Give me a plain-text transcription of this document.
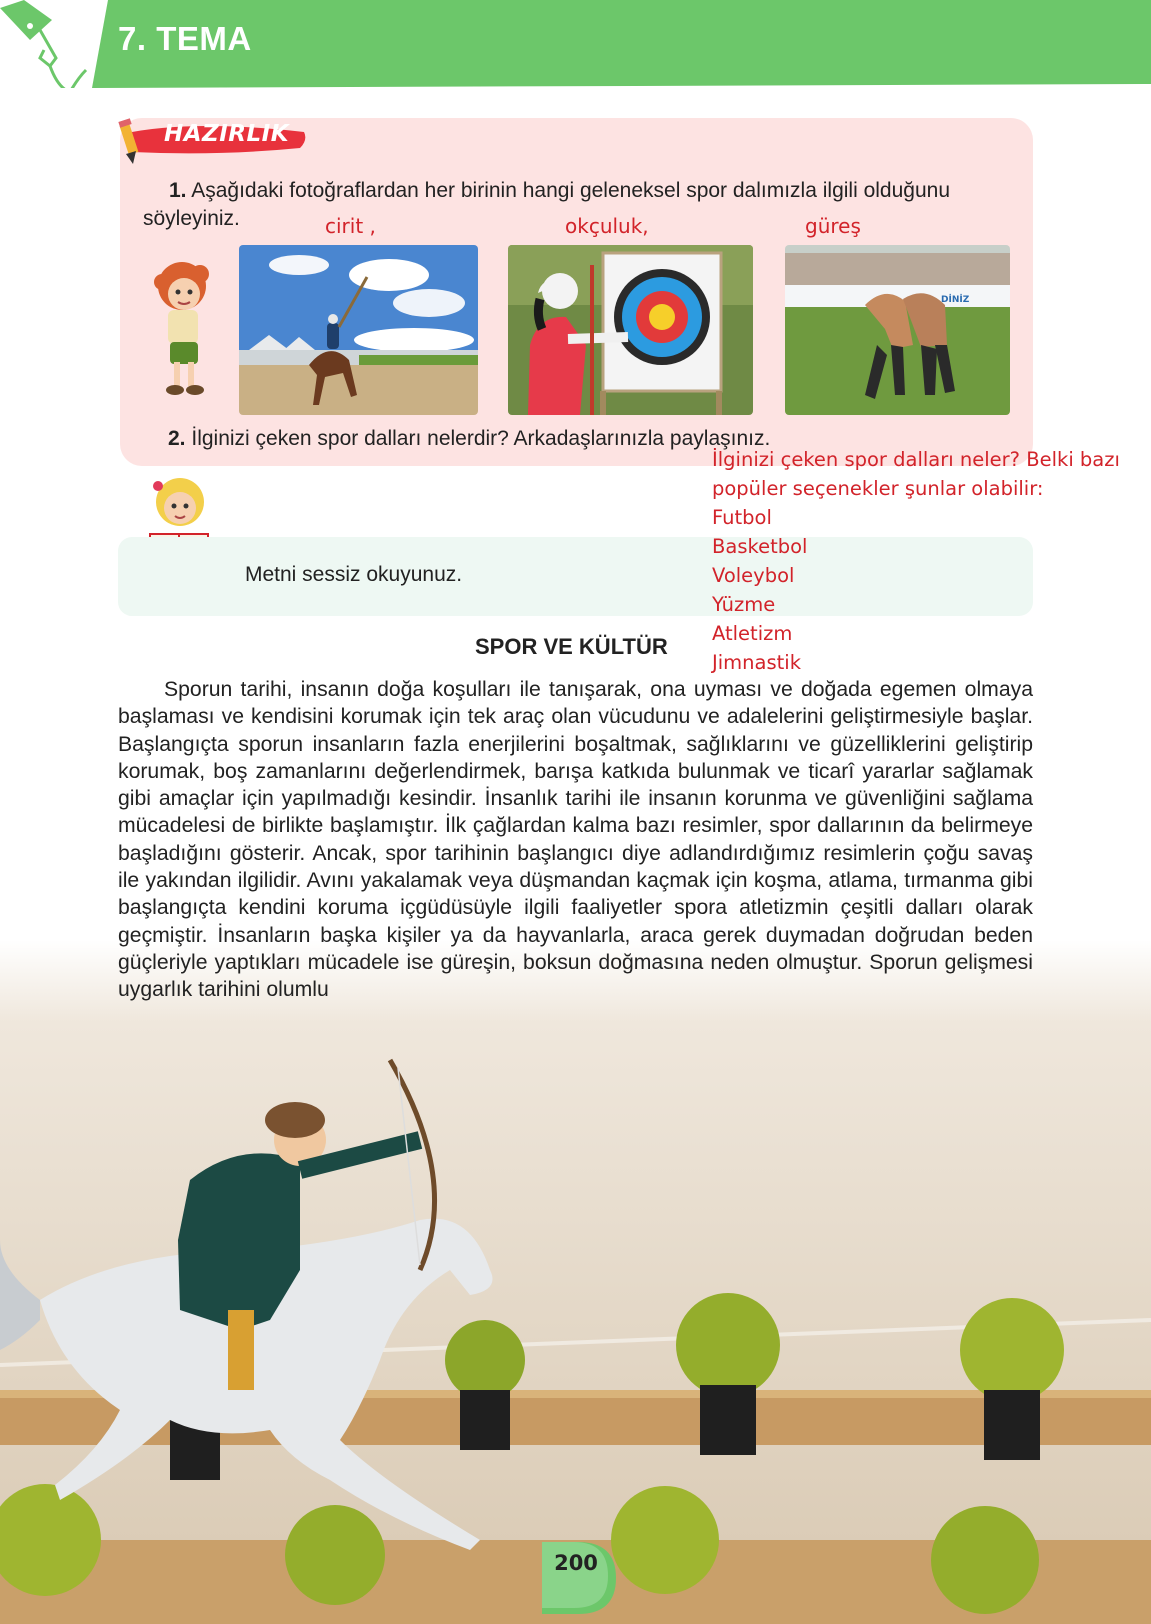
7. TEMA
HAZIRLIK
1. Aşağıdaki fotoğraflardan her birinin hangi geleneksel spor dalımızla ilgili olduğunu söyleyiniz.	cirit ,	okçuluk,	güreş
DİNİZ
2. İlginizi çeken spor dalları nelerdir? Arkadaşlarınızla paylaşınız.
Metni sessiz okuyunuz.
İlginizi çeken spor dalları neler? Belki bazı
popüler seçenekler şunlar olabilir:
Futbol
Basketbol
Voleybol
Yüzme
Atletizm
Jimnastik
SPOR VE KÜLTÜR
Sporun tarihi, insanın doğa koşulları ile tanışarak, ona uyması ve doğada egemen olmaya başlaması ve kendisini korumak için tek araç olan vücudunu ve adalelerini geliştirmesiyle başlar. Başlangıçta sporun insanların fazla enerjilerini boşaltmak, sağlıklarını ve güzelliklerini geliştirip korumak, boş zamanlarını değerlendirmek, barışa katkıda bulunmak ve ticarî yararlar sağlamak gibi amaçlar için yapılmadığı kesindir. İnsanlık tarihi ile insanın korunma ve güvenliğini sağlama mücadelesi de birlikte başlamıştır. İlk çağlardan kalma bazı resimler, spor dallarının da belirmeye başladığını gösterir. Ancak, spor tarihinin başlangıcı diye adlandırdığımız resimlerin çoğu savaş ile yakından ilgilidir. Avını yakalamak veya düşmandan kaçmak için koşma, atlama, tırmanma gibi başlangıçta kendini koruma içgüdüsüyle ilgili faaliyetler spora atletizmin çeşitli dalları olarak geçmiştir. İnsanların başka kişiler ya da hayvanlarla, araca gerek duymadan doğrudan beden güçleriyle yaptıkları mücadele ise güreşin, boksun doğmasına neden olmuştur. Sporun gelişmesi uygarlık tarihini olumlu
200
